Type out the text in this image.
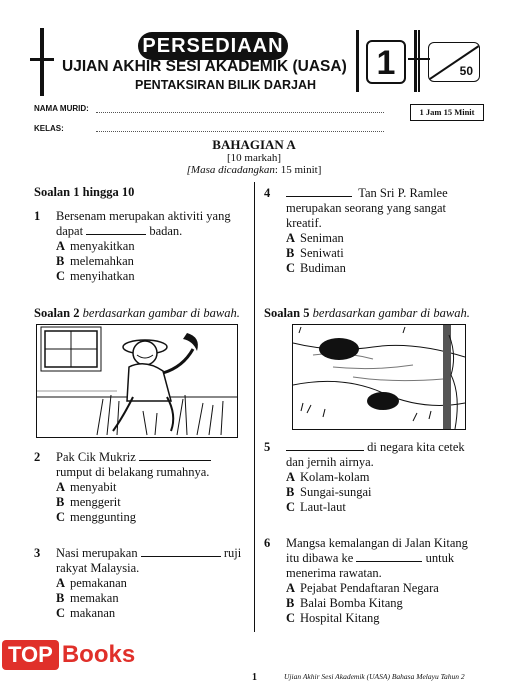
PERSEDIAAN
UJIAN AKHIR SESI AKADEMIK (UASA)
PENTAKSIRAN BILIK DARJAH
1	50
NAMA MURID:
KELAS:
1 Jam 15 Minit
BAHAGIAN A
[10 markah]
[Masa dicadangkan: 15 minit]
Soalan 1 hingga 10
1 Bersenam merupakan aktiviti yang
dapat	badan.
A menyakitkan
B melemahkan
C menyihatkan
Soalan 2 berdasarkan gambar di bawah.
2 Pak Cik Mukriz
rumput di belakang rumahnya.
A menyabit
B menggerit
C menggunting
3 Nasi merupakan	ruji
rakyat Malaysia.
A pemakanan
B memakan
C makanan
4	Tan Sri P. Ramlee
merupakan seorang yang sangat
kreatif.
A Seniman
B Seniwati
C Budiman
Soalan 5 berdasarkan gambar di bawah.
5	di negara kita cetek
dan jernih airnya.
A Kolam-kolam
B Sungai-sungai
C Laut-laut
6 Mangsa kemalangan di Jalan Kitang
itu dibawa ke	untuk
menerima rawatan.
A Pejabat Pendaftaran Negara
B Balai Bomba Kitang
C Hospital Kitang
1	Ujian Akhir Sesi Akademik (UASA) Bahasa Melayu Tahun 2
TOP Books
